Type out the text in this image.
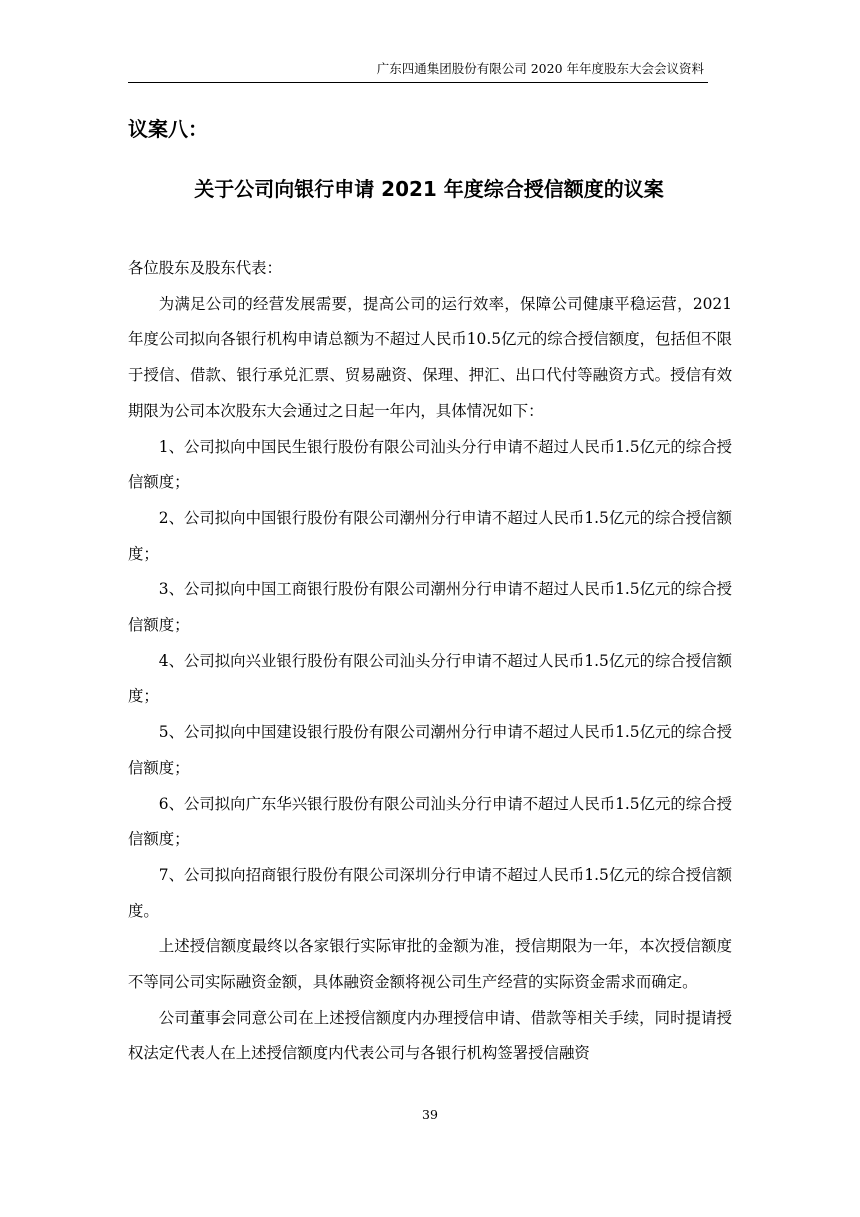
广东四通集团股份有限公司 2020 年年度股东大会会议资料
议案八：
关于公司向银行申请 2021 年度综合授信额度的议案

各位股东及股东代表：

为满足公司的经营发展需要，提高公司的运行效率，保障公司健康平稳运营，2021年度公司拟向各银行机构申请总额为不超过人民币10.5亿元的综合授信额度，包括但不限于授信、借款、银行承兑汇票、贸易融资、保理、押汇、出口代付等融资方式。授信有效期限为公司本次股东大会通过之日起一年内，具体情况如下：

1、公司拟向中国民生银行股份有限公司汕头分行申请不超过人民币1.5亿元的综合授信额度；

2、公司拟向中国银行股份有限公司潮州分行申请不超过人民币1.5亿元的综合授信额度；

3、公司拟向中国工商银行股份有限公司潮州分行申请不超过人民币1.5亿元的综合授信额度；

4、公司拟向兴业银行股份有限公司汕头分行申请不超过人民币1.5亿元的综合授信额度；

5、公司拟向中国建设银行股份有限公司潮州分行申请不超过人民币1.5亿元的综合授信额度；

6、公司拟向广东华兴银行股份有限公司汕头分行申请不超过人民币1.5亿元的综合授信额度；

7、公司拟向招商银行股份有限公司深圳分行申请不超过人民币1.5亿元的综合授信额度。

上述授信额度最终以各家银行实际审批的金额为准，授信期限为一年，本次授信额度不等同公司实际融资金额，具体融资金额将视公司生产经营的实际资金需求而确定。

公司董事会同意公司在上述授信额度内办理授信申请、借款等相关手续，同时提请授权法定代表人在上述授信额度内代表公司与各银行机构签署授信融资

39
